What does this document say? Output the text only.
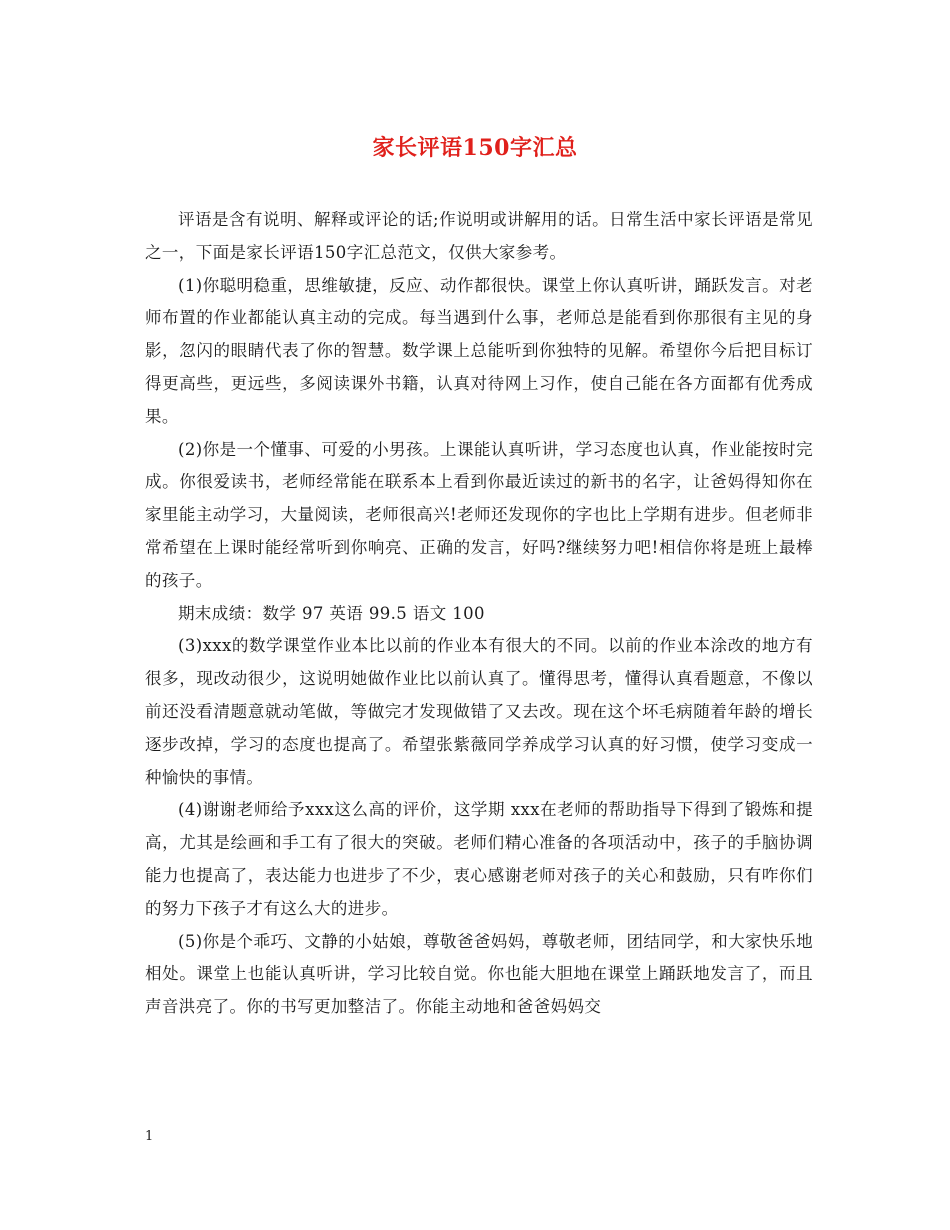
家长评语150字汇总

评语是含有说明、解释或评论的话;作说明或讲解用的话。日常生活中家长评语是常见之一，下面是家长评语150字汇总范文，仅供大家参考。

(1)你聪明稳重，思维敏捷，反应、动作都很快。课堂上你认真听讲，踊跃发言。对老师布置的作业都能认真主动的完成。每当遇到什么事，老师总是能看到你那很有主见的身影，忽闪的眼睛代表了你的智慧。数学课上总能听到你独特的见解。希望你今后把目标订得更高些，更远些，多阅读课外书籍，认真对待网上习作，使自己能在各方面都有优秀成果。

(2)你是一个懂事、可爱的小男孩。上课能认真听讲，学习态度也认真，作业能按时完成。你很爱读书，老师经常能在联系本上看到你最近读过的新书的名字，让爸妈得知你在家里能主动学习，大量阅读，老师很高兴!老师还发现你的字也比上学期有进步。但老师非常希望在上课时能经常听到你响亮、正确的发言，好吗?继续努力吧!相信你将是班上最棒的孩子。

期末成绩：数学 97 英语 99.5 语文 100

(3)xxx的数学课堂作业本比以前的作业本有很大的不同。以前的作业本涂改的地方有很多，现改动很少，这说明她做作业比以前认真了。懂得思考，懂得认真看题意，不像以前还没看清题意就动笔做，等做完才发现做错了又去改。现在这个坏毛病随着年龄的增长逐步改掉，学习的态度也提高了。希望张紫薇同学养成学习认真的好习惯，使学习变成一种愉快的事情。

(4)谢谢老师给予xxx这么高的评价，这学期 xxx在老师的帮助指导下得到了锻炼和提高，尤其是绘画和手工有了很大的突破。老师们精心准备的各项活动中，孩子的手脑协调能力也提高了，表达能力也进步了不少，衷心感谢老师对孩子的关心和鼓励，只有咋你们的努力下孩子才有这么大的进步。

(5)你是个乖巧、文静的小姑娘，尊敬爸爸妈妈，尊敬老师，团结同学，和大家快乐地相处。课堂上也能认真听讲，学习比较自觉。你也能大胆地在课堂上踊跃地发言了，而且声音洪亮了。你的书写更加整洁了。你能主动地和爸爸妈妈交

1
